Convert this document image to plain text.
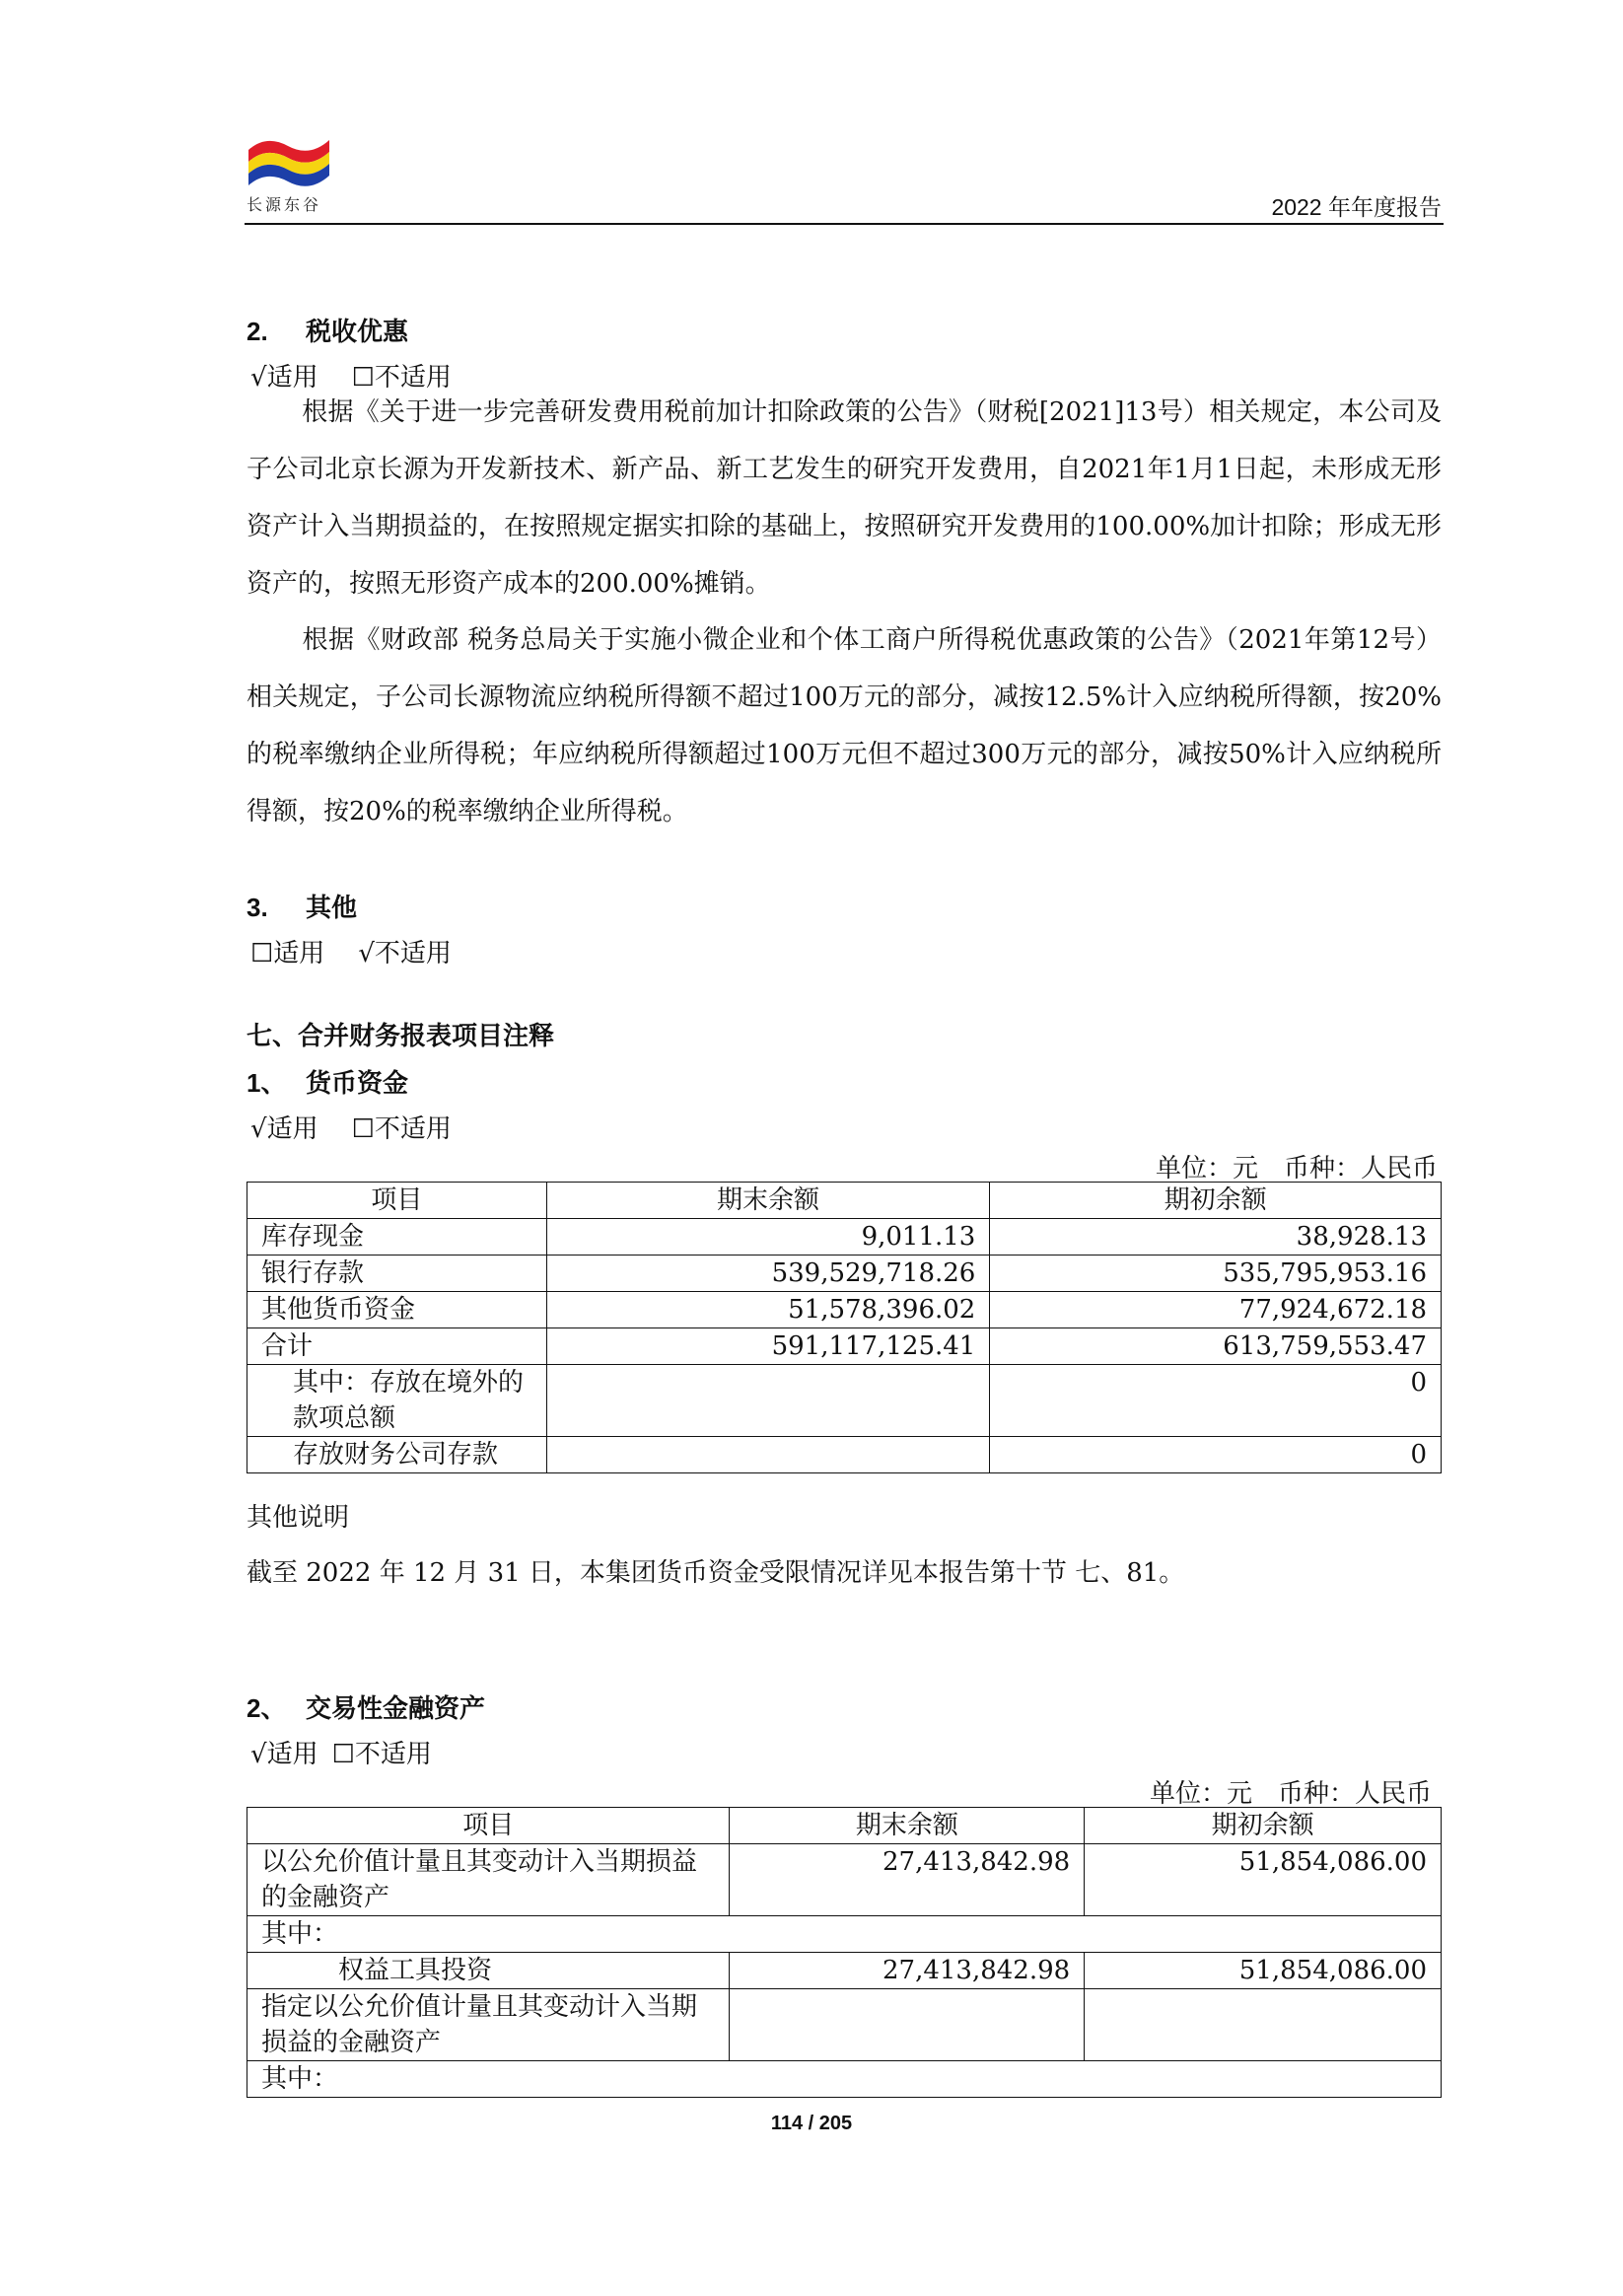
长源东谷	2022 年年度报告
2. 税收优惠
√适用 ☐不适用
根据《关于进一步完善研发费用税前加计扣除政策的公告》（财税[2021]13号）相关规定，本公司及子公司北京长源为开发新技术、新产品、新工艺发生的研究开发费用，自2021年1月1日起，未形成无形资产计入当期损益的，在按照规定据实扣除的基础上，按照研究开发费用的100.00%加计扣除；形成无形资产的，按照无形资产成本的200.00%摊销。
根据《财政部 税务总局关于实施小微企业和个体工商户所得税优惠政策的公告》（2021年第12号）相关规定，子公司长源物流应纳税所得额不超过100万元的部分，减按12.5%计入应纳税所得额，按20%的税率缴纳企业所得税；年应纳税所得额超过100万元但不超过300万元的部分，减按50%计入应纳税所得额，按20%的税率缴纳企业所得税。
3. 其他
☐适用 √不适用
七、合并财务报表项目注释
1、 货币资金
√适用 ☐不适用
单位：元　币种：人民币
项目	期末余额	期初余额
库存现金	9,011.13	38,928.13
银行存款	539,529,718.26	535,795,953.16
其他货币资金	51,578,396.02	77,924,672.18
合计	591,117,125.41	613,759,553.47
其中：存放在境外的款项总额		0
存放财务公司存款		0
其他说明
截至 2022 年 12 月 31 日，本集团货币资金受限情况详见本报告第十节 七、81。
2、 交易性金融资产
√适用 ☐不适用
单位：元　币种：人民币
项目	期末余额	期初余额
以公允价值计量且其变动计入当期损益的金融资产	27,413,842.98	51,854,086.00
其中：		
权益工具投资	27,413,842.98	51,854,086.00
指定以公允价值计量且其变动计入当期损益的金融资产		
其中：		
114 / 205
